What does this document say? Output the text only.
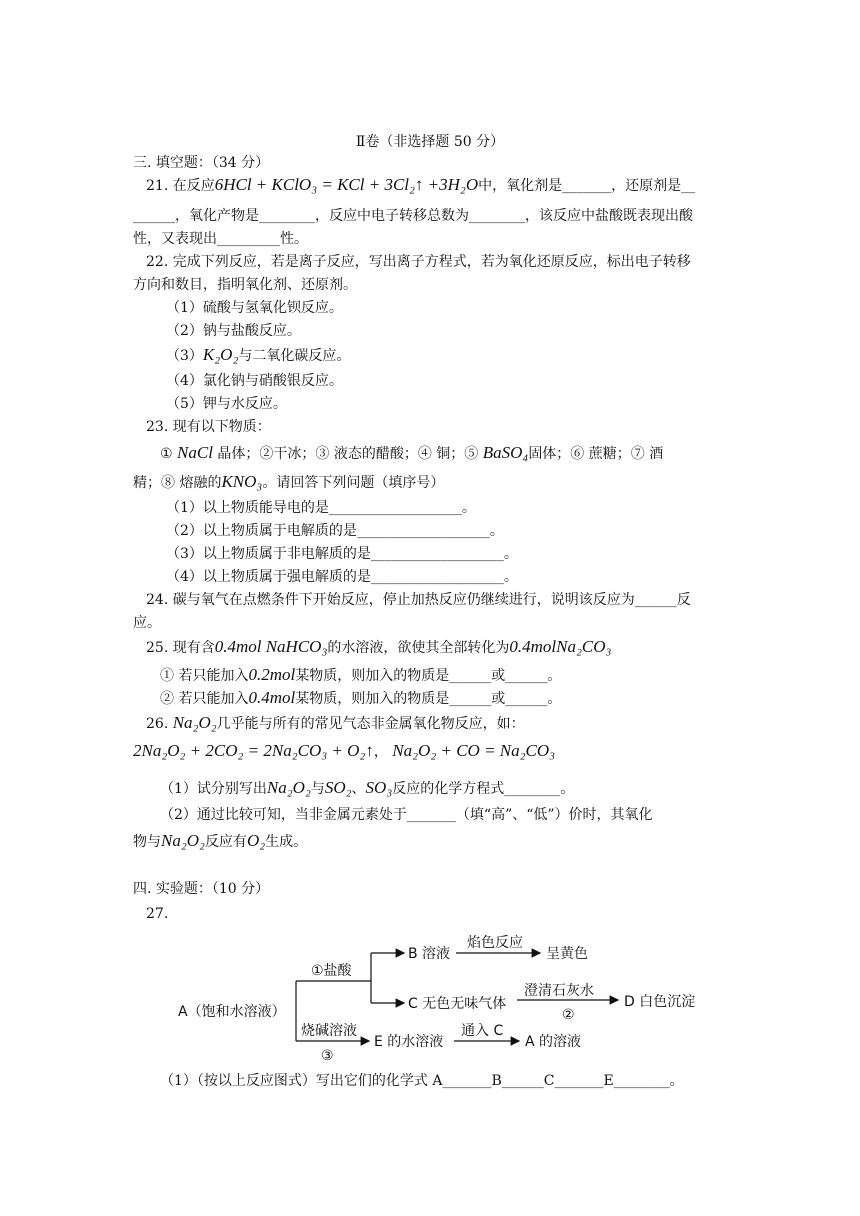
Ⅱ卷（非选择题 50 分）
三. 填空题：（34 分）
21. 在反应6HCl + KClO₃ = KCl + 3Cl₂↑ +3H₂O中，氧化剂是_______，还原剂是__
______，氧化产物是________，反应中电子转移总数为________，该反应中盐酸既表现出酸
性，又表现出_________性。
22. 完成下列反应，若是离子反应，写出离子方程式，若为氧化还原反应，标出电子转移
方向和数目，指明氧化剂、还原剂。
（1）硫酸与氢氧化钡反应。
（2）钠与盐酸反应。
（3）K₂O₂与二氧化碳反应。
（4）氯化钠与硝酸银反应。
（5）钾与水反应。
23. 现有以下物质：
① NaCl 晶体；②干冰；③ 液态的醋酸；④ 铜；⑤ BaSO₄固体；⑥ 蔗糖；⑦ 酒
精；⑧ 熔融的KNO₃。请回答下列问题（填序号）
（1）以上物质能导电的是___________________。
（2）以上物质属于电解质的是___________________。
（3）以上物质属于非电解质的是___________________。
（4）以上物质属于强电解质的是___________________。
24. 碳与氧气在点燃条件下开始反应，停止加热反应仍继续进行，说明该反应为______反
应。
25. 现有含0.4mol NaHCO₃的水溶液，欲使其全部转化为0.4molNa₂CO₃
① 若只能加入0.2mol某物质，则加入的物质是______或______。
② 若只能加入0.4mol某物质，则加入的物质是______或______。
26. Na₂O₂几乎能与所有的常见气态非金属氧化物反应，如：
2Na₂O₂ + 2CO₂ = 2Na₂CO₃ + O₂↑， Na₂O₂ + CO = Na₂CO₃
（1）试分别写出Na₂O₂与SO₂、SO₃反应的化学方程式________。
（2）通过比较可知，当非金属元素处于_______（填“高”、“低”）价时，其氧化
物与Na₂O₂反应有O₂生成。
四. 实验题：（10 分）
27.
A（饱和水溶液）
①盐酸
B 溶液
焰色反应
呈黄色
C 无色无味气体
澄清石灰水
②
D 白色沉淀
烧碱溶液
③
E 的水溶液
通入 C
A 的溶液
（1）（按以上反应图式）写出它们的化学式 A_______B______C_______E________。
